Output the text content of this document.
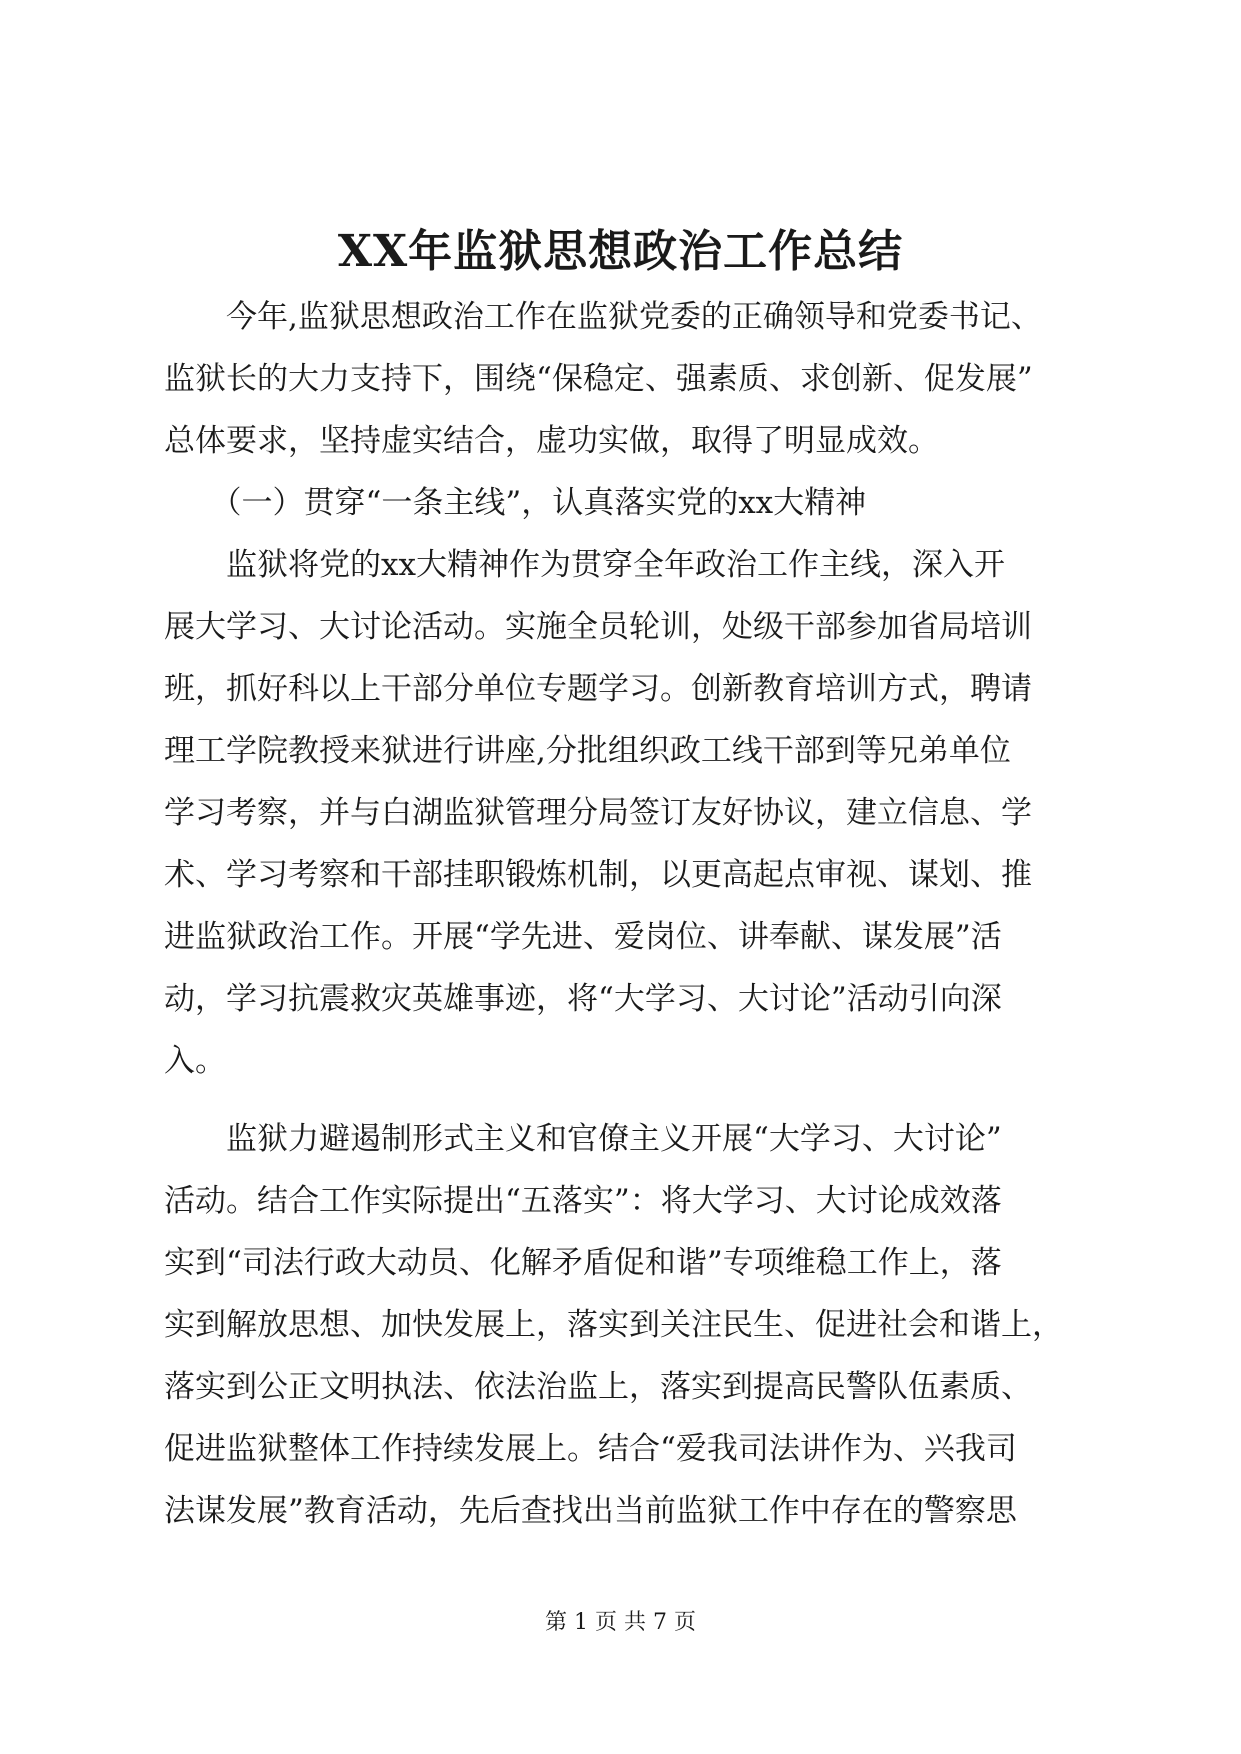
XX年监狱思想政治工作总结
　　今年,监狱思想政治工作在监狱党委的正确领导和党委书记、
监狱长的大力支持下，围绕“保稳定、强素质、求创新、促发展”
总体要求，坚持虚实结合，虚功实做，取得了明显成效。
　　（一）贯穿“一条主线”，认真落实党的xx大精神
　　监狱将党的xx大精神作为贯穿全年政治工作主线，深入开
展大学习、大讨论活动。实施全员轮训，处级干部参加省局培训
班，抓好科以上干部分单位专题学习。创新教育培训方式，聘请
理工学院教授来狱进行讲座,分批组织政工线干部到等兄弟单位
学习考察，并与白湖监狱管理分局签订友好协议，建立信息、学
术、学习考察和干部挂职锻炼机制，以更高起点审视、谋划、推
进监狱政治工作。开展“学先进、爱岗位、讲奉献、谋发展”活
动，学习抗震救灾英雄事迹，将“大学习、大讨论”活动引向深
入。
　　监狱力避遏制形式主义和官僚主义开展“大学习、大讨论”
活动。结合工作实际提出“五落实”：将大学习、大讨论成效落
实到“司法行政大动员、化解矛盾促和谐”专项维稳工作上，落
实到解放思想、加快发展上，落实到关注民生、促进社会和谐上，
落实到公正文明执法、依法治监上，落实到提高民警队伍素质、
促进监狱整体工作持续发展上。结合“爱我司法讲作为、兴我司
法谋发展”教育活动，先后查找出当前监狱工作中存在的警察思
第 1 页 共 7 页
